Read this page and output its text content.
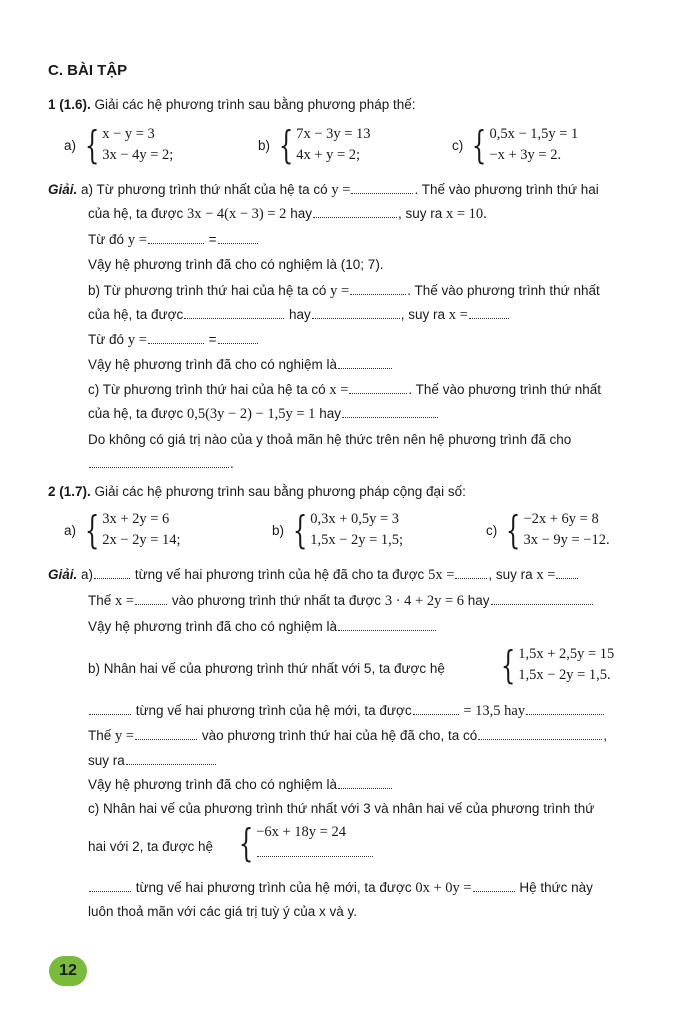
C. BÀI TẬP
1 (1.6). Giải các hệ phương trình sau bằng phương pháp thế:
a) { x − y = 3
3x − 4y = 2;
b) { 7x − 3y = 13
4x + y = 2;
c) { 0,5x − 1,5y = 1
−x + 3y = 2.
Giải. a) Từ phương trình thứ nhất của hệ ta có y =	. Thế vào phương trình thứ hai
của hệ, ta được 3x − 4(x − 3) = 2 hay	, suy ra x = 10.
Từ đó y =	=
Vậy hệ phương trình đã cho có nghiệm là (10; 7).
b) Từ phương trình thứ hai của hệ ta có y =	. Thế vào phương trình thứ nhất
của hệ, ta được	hay	, suy ra x =
Từ đó y =	=
Vậy hệ phương trình đã cho có nghiệm là
c) Từ phương trình thứ hai của hệ ta có x =	. Thế vào phương trình thứ nhất
của hệ, ta được 0,5(3y − 2) − 1,5y = 1 hay
Do không có giá trị nào của y thoả mãn hệ thức trên nên hệ phương trình đã cho
.
2 (1.7). Giải các hệ phương trình sau bằng phương pháp cộng đại số:
a) { 3x + 2y = 6
2x − 2y = 14;
b) { 0,3x + 0,5y = 3
1,5x − 2y = 1,5;
c) { −2x + 6y = 8
3x − 9y = −12.
Giải. a)	từng vế hai phương trình của hệ đã cho ta được 5x =	, suy ra x =
Thế x =	vào phương trình thứ nhất ta được 3 · 4 + 2y = 6 hay
Vậy hệ phương trình đã cho có nghiệm là
b) Nhân hai vế của phương trình thứ nhất với 5, ta được hệ { 1,5x + 2,5y = 15
1,5x − 2y = 1,5.
từng vế hai phương trình của hệ mới, ta được	= 13,5 hay
Thế y =	vào phương trình thứ hai của hệ đã cho, ta có	,
suy ra
Vậy hệ phương trình đã cho có nghiệm là
c) Nhân hai vế của phương trình thứ nhất với 3 và nhân hai vế của phương trình thứ
hai với 2, ta được hệ { −6x + 18y = 24
từng vế hai phương trình của hệ mới, ta được 0x + 0y =	Hệ thức này
luôn thoả mãn với các giá trị tuỳ ý của x và y.
12
